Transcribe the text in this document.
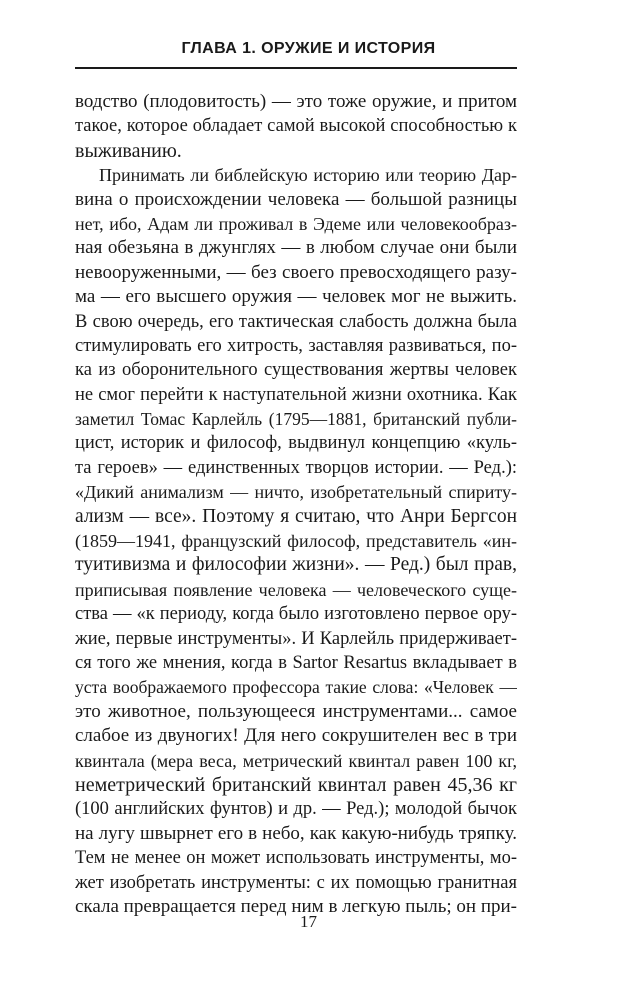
ГЛАВА 1. ОРУЖИЕ И ИСТОРИЯ
водство (плодовитость) — это тоже оружие, и притом
такое, которое обладает самой высокой способностью к
выживанию.
Принимать ли библейскую историю или теорию Дар-
вина о происхождении человека — большой разницы
нет, ибо, Адам ли проживал в Эдеме или человекообраз-
ная обезьяна в джунглях — в любом случае они были
невооруженными, — без своего превосходящего разу-
ма — его высшего оружия — человек мог не выжить.
В свою очередь, его тактическая слабость должна была
стимулировать его хитрость, заставляя развиваться, по-
ка из оборонительного существования жертвы человек
не смог перейти к наступательной жизни охотника. Как
заметил Томас Карлейль (1795—1881, британский публи-
цист, историк и философ, выдвинул концепцию «куль-
та героев» — единственных творцов истории. — Ред.):
«Дикий анимализм — ничто, изобретательный спириту-
ализм — все». Поэтому я считаю, что Анри Бергсон
(1859—1941, французский философ, представитель «ин-
туитивизма и философии жизни». — Ред.) был прав,
приписывая появление человека — человеческого суще-
ства — «к периоду, когда было изготовлено первое ору-
жие, первые инструменты». И Карлейль придерживает-
ся того же мнения, когда в Sartor Resartus вкладывает в
уста воображаемого профессора такие слова: «Человек —
это животное, пользующееся инструментами... самое
слабое из двуногих! Для него сокрушителен вес в три
квинтала (мера веса, метрический квинтал равен 100 кг,
неметрический британский квинтал равен 45,36 кг
(100 английских фунтов) и др. — Ред.); молодой бычок
на лугу швырнет его в небо, как какую-нибудь тряпку.
Тем не менее он может использовать инструменты, мо-
жет изобретать инструменты: с их помощью гранитная
скала превращается перед ним в легкую пыль; он при-
17
